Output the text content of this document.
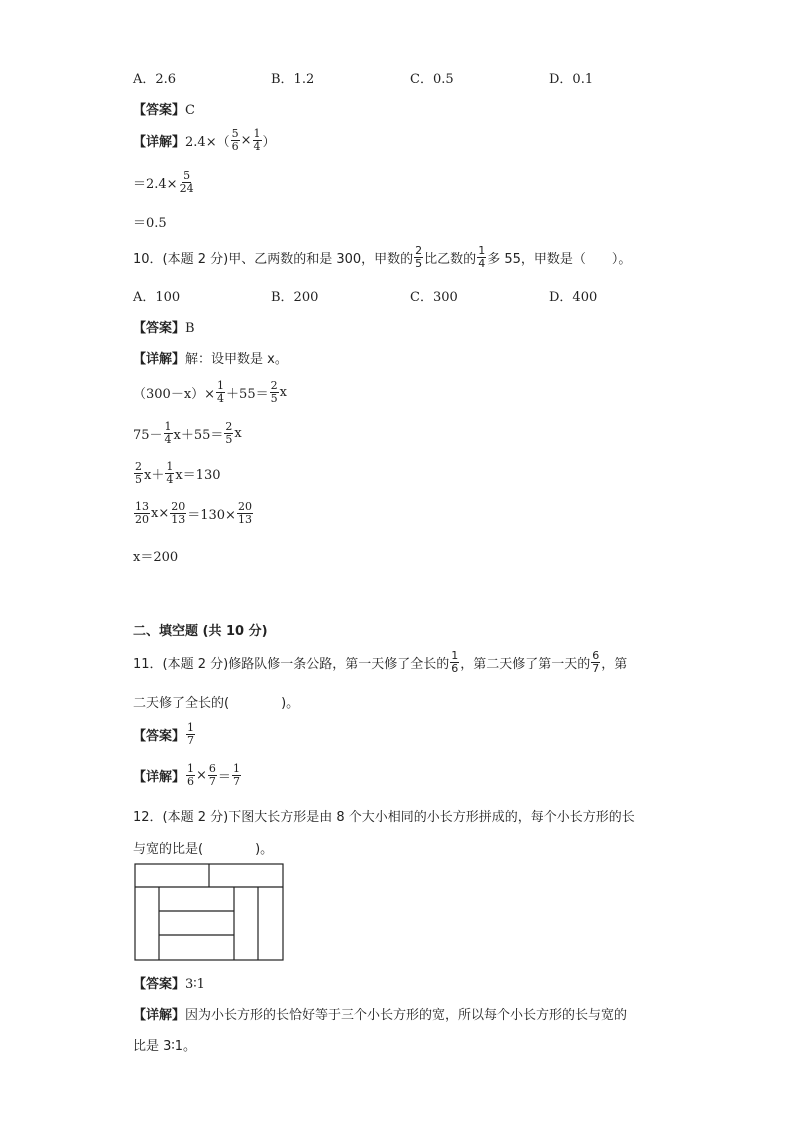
A．2.6	B．1.2	C．0.5	D．0.1
【答案】C
【详解】 $2.4\times( \frac{5}{6} \times \frac{1}{4}$ ）
$=2.4\times \frac{5}{24}$
＝0.5
10．(本题 2 分)甲、乙两数的和是 300，甲数的 $\frac{2}{5}$ 比乙数的 $\frac{1}{4}$ 多 55，甲数是（　　）。
A．100	B．200	C．300	D．400
【答案】B
【详解】解：设甲数是 x。
$(300-x)\times \frac{1}{4} +55= \frac{2}{5}$ x
$75- \frac{1}{4} x+55= \frac{2}{5}$ x
$\frac{2}{5} x+ \frac{1}{4} x=130$
$\frac{13}{20} x\times \frac{20}{13} =130\times \frac{20}{13}$
x＝200
二、填空题 (共 10 分)
11．(本题 2 分)修路队修一条公路，第一天修了全长的 $\frac{1}{6}$ ，第二天修了第一天的 $\frac{6}{7}$ ，第
二天修了全长的(　　　　)。
【答案】 $\frac{1}{7}$
【详解】 $\frac{1}{6} \times \frac{6}{7} = \frac{1}{7}$
12．(本题 2 分)下图大长方形是由 8 个大小相同的小长方形拼成的，每个小长方形的长
与宽的比是(　　　　)。
【答案】3∶1
【详解】因为小长方形的长恰好等于三个小长方形的宽，所以每个小长方形的长与宽的
比是 3∶1。
